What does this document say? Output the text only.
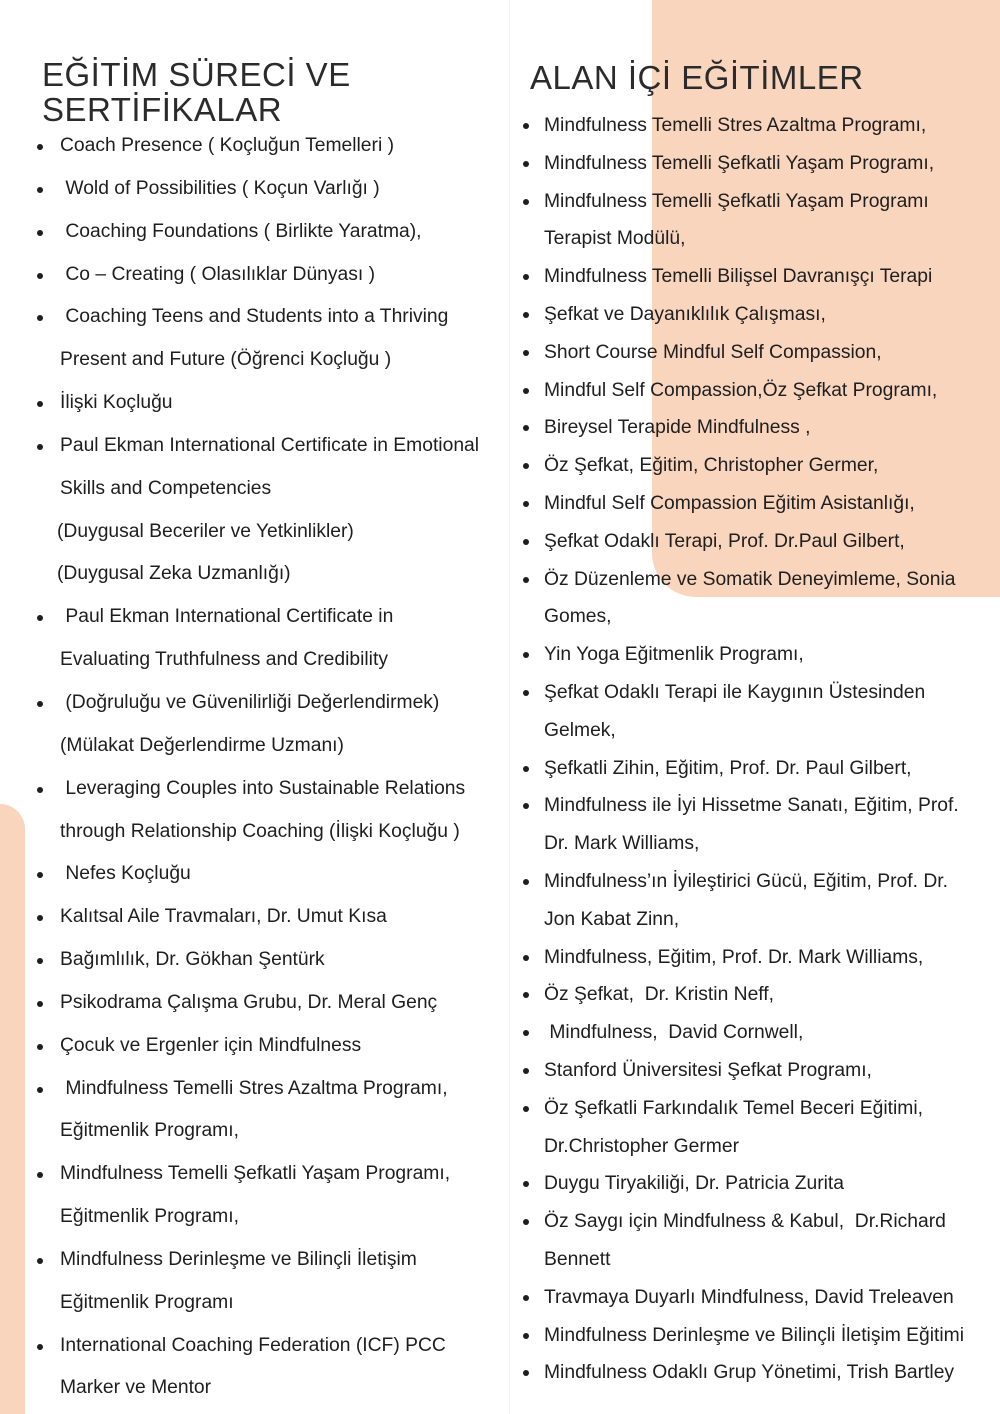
EĞİTİM SÜRECİ VE SERTİFİKALAR
Coach Presence ( Koçluğun Temelleri )
Wold of Possibilities ( Koçun Varlığı )
Coaching Foundations ( Birlikte Yaratma),
Co – Creating ( Olasılıklar Dünyası )
Coaching Teens and Students into a Thriving
Present and Future (Öğrenci Koçluğu )
İlişki Koçluğu
Paul Ekman International Certificate in Emotional
Skills and Competencies
(Duygusal Beceriler ve Yetkinlikler)
(Duygusal Zeka Uzmanlığı)
Paul Ekman International Certificate in
Evaluating Truthfulness and Credibility
(Doğruluğu ve Güvenilirliği Değerlendirmek)
(Mülakat Değerlendirme Uzmanı)
Leveraging Couples into Sustainable Relations
through Relationship Coaching (İlişki Koçluğu )
Nefes Koçluğu
Kalıtsal Aile Travmaları, Dr. Umut Kısa
Bağımlılık, Dr. Gökhan Şentürk
Psikodrama Çalışma Grubu, Dr. Meral Genç
Çocuk ve Ergenler için Mindfulness
Mindfulness Temelli Stres Azaltma Programı,
Eğitmenlik Programı,
Mindfulness Temelli Şefkatli Yaşam Programı,
Eğitmenlik Programı,
Mindfulness Derinleşme ve Bilinçli İletişim
Eğitmenlik Programı
International Coaching Federation (ICF) PCC
Marker ve Mentor
ALAN İÇİ EĞİTİMLER
Mindfulness Temelli Stres Azaltma Programı,
Mindfulness Temelli Şefkatli Yaşam Programı,
Mindfulness Temelli Şefkatli Yaşam Programı
Terapist Modülü,
Mindfulness Temelli Bilişsel Davranışçı Terapi
Şefkat ve Dayanıklılık Çalışması,
Short Course Mindful Self Compassion,
Mindful Self Compassion,Öz Şefkat Programı,
Bireysel Terapide Mindfulness ,
Öz Şefkat, Eğitim, Christopher Germer,
Mindful Self Compassion Eğitim Asistanlığı,
Şefkat Odaklı Terapi, Prof. Dr.Paul Gilbert,
Öz Düzenleme ve Somatik Deneyimleme, Sonia
Gomes,
Yin Yoga Eğitmenlik Programı,
Şefkat Odaklı Terapi ile Kaygının Üstesinden
Gelmek,
Şefkatli Zihin, Eğitim, Prof. Dr. Paul Gilbert,
Mindfulness ile İyi Hissetme Sanatı, Eğitim, Prof.
Dr. Mark Williams,
Mindfulness’ın İyileştirici Gücü, Eğitim, Prof. Dr.
Jon Kabat Zinn,
Mindfulness, Eğitim, Prof. Dr. Mark Williams,
Öz Şefkat,  Dr. Kristin Neff,
Mindfulness,  David Cornwell,
Stanford Üniversitesi Şefkat Programı,
Öz Şefkatli Farkındalık Temel Beceri Eğitimi,
Dr.Christopher Germer
Duygu Tiryakiliği, Dr. Patricia Zurita
Öz Saygı için Mindfulness & Kabul,  Dr.Richard
Bennett
Travmaya Duyarlı Mindfulness, David Treleaven
Mindfulness Derinleşme ve Bilinçli İletişim Eğitimi
Mindfulness Odaklı Grup Yönetimi, Trish Bartley
